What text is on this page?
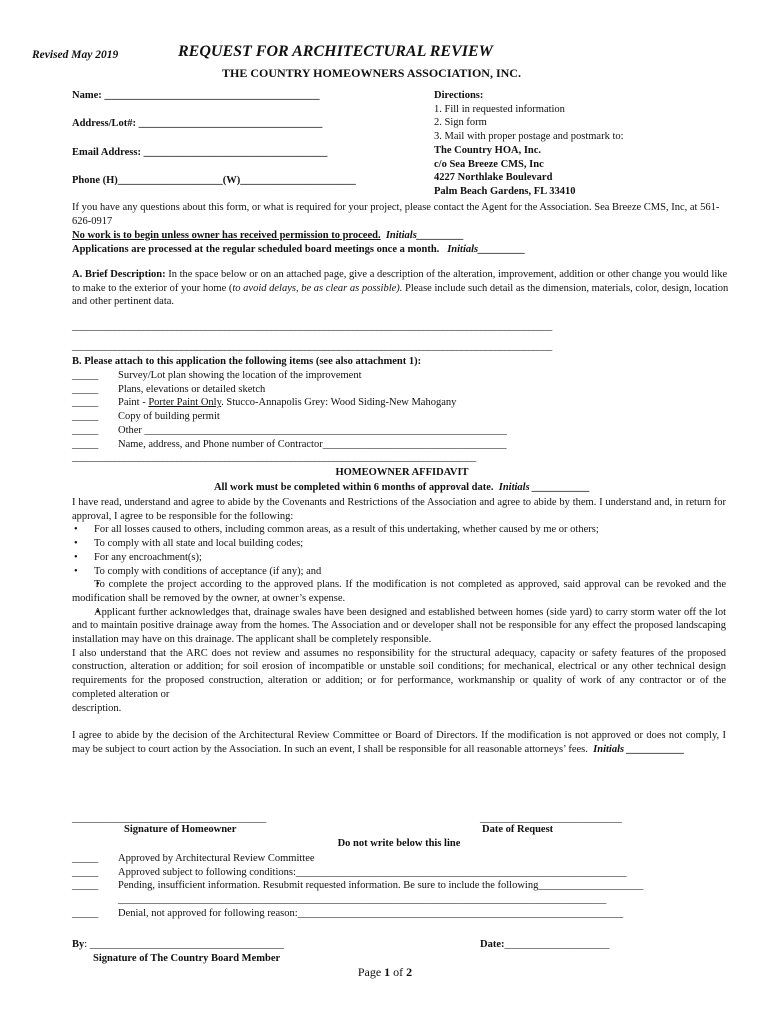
Revised May 2019	REQUEST FOR ARCHITECTURAL REVIEW
THE COUNTRY HOMEOWNERS ASSOCIATION, INC.
Name: _________________________________________
Address/Lot#: ___________________________________
Email Address: ___________________________________
Phone (H)____________________(W)______________________
Directions:
1. Fill in requested information
2. Sign form
3. Mail with proper postage and postmark to:
The Country HOA, Inc.
c/o Sea Breeze CMS, Inc
4227 Northlake Boulevard
Palm Beach Gardens, FL 33410
If you have any questions about this form, or what is required for your project, please contact the Agent for the Association. Sea Breeze CMS, Inc, at 561-626-0917
No work is to begin unless owner has received permission to proceed. Initials_________
Applications are processed at the regular scheduled board meetings once a month. Initials_________
A. Brief Description: In the space below or on an attached page, give a description of the alteration, improvement, addition or other change you would like to make to the exterior of your home (to avoid delays, be as clear as possible). Please include such detail as the dimension, materials, color, design, location and other pertinent data.
_____________________________________________________________________________________________________
_____________________________________________________________________________________________________
B. Please attach to this application the following items (see also attachment 1):
_____ Survey/Lot plan showing the location of the improvement
_____ Plans, elevations or detailed sketch
_____ Paint - Porter Paint Only. Stucco-Annapolis Grey: Wood Siding-New Mahogany
_____ Copy of building permit
_____ Other _____________________________________________________________________
_____ Name, address, and Phone number of Contractor___________________________________
_____________________________________________________________________________________
HOMEOWNER AFFIDAVIT
All work must be completed within 6 months of approval date. Initials ___________
I have read, understand and agree to abide by the Covenants and Restrictions of the Association and agree to abide by them. I understand and, in return for approval, I agree to be responsible for the following:
• For all losses caused to others, including common areas, as a result of this undertaking, whether caused by me or others;
• To comply with all state and local building codes;
• For any encroachment(s);
• To comply with conditions of acceptance (if any); and
• To complete the project according to the approved plans. If the modification is not completed as approved, said approval can be revoked and the modification shall be removed by the owner, at owner’s expense.
• Applicant further acknowledges that, drainage swales have been designed and established between homes (side yard) to carry storm water off the lot and to maintain positive drainage away from the homes. The Association and or developer shall not be responsible for any effect the proposed landscaping installation may have on this drainage. The applicant shall be completely responsible.
I also understand that the ARC does not review and assumes no responsibility for the structural adequacy, capacity or safety features of the proposed construction, alteration or addition; for soil erosion of incompatible or unstable soil conditions; for mechanical, electrical or any other technical design requirements for the proposed construction, alteration or addition; or for performance, workmanship or quality of work of any contractor or of the completed alteration or
description.
I agree to abide by the decision of the Architectural Review Committee or Board of Directors. If the modification is not approved or does not comply, I may be subject to court action by the Association. In such an event, I shall be responsible for all reasonable attorneys’ fees. Initials ___________
_____________________________________
Signature of Homeowner
___________________________
Date of Request
Do not write below this line
_____ Approved by Architectural Review Committee
_____ Approved subject to following conditions:_______________________________________________________________
_____ Pending, insufficient information. Resubmit requested information. Be sure to include the following____________________
_____________________________________________________________________________________________

_____ Denial, not approved for following reason:______________________________________________________________
By: _____________________________________	Date:____________________
Signature of The Country Board Member
Page 1 of 2
